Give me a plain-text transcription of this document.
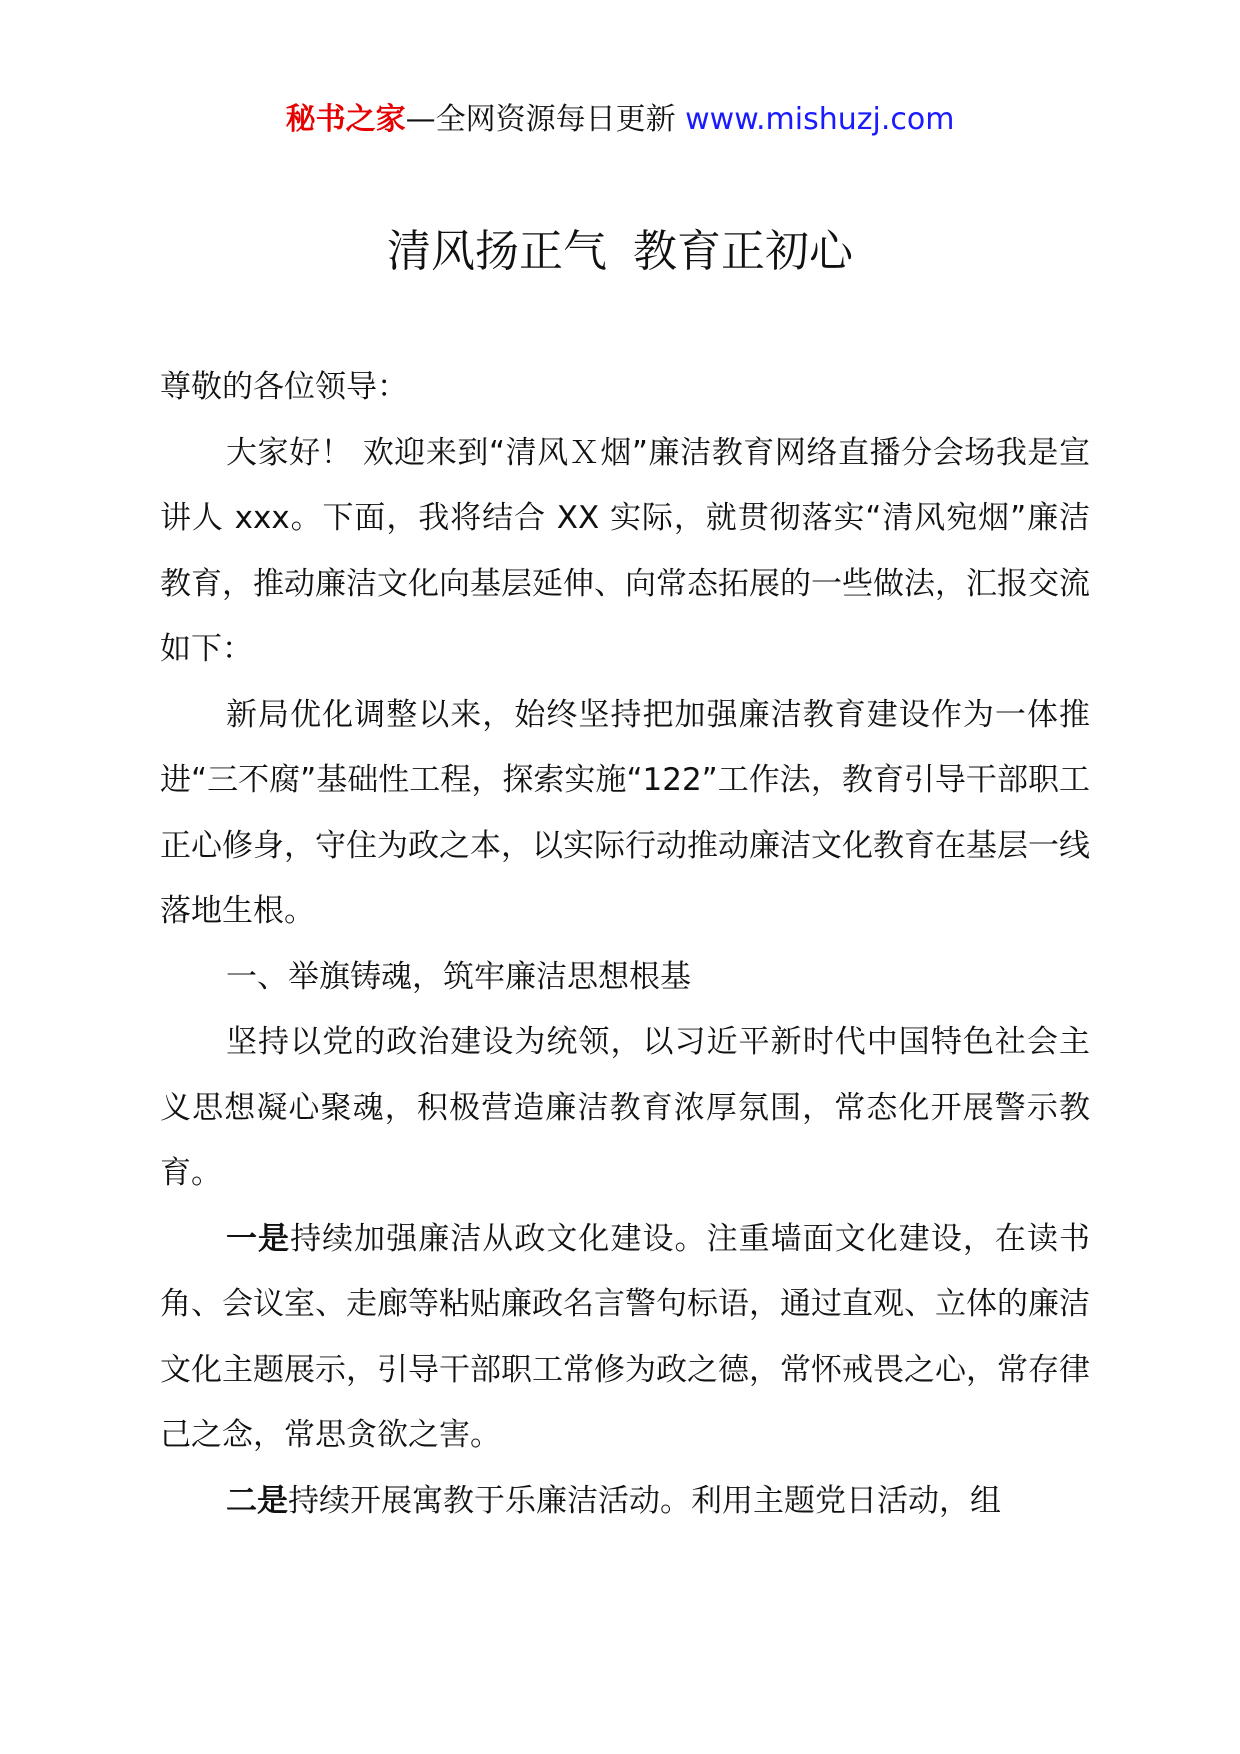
秘书之家—全网资源每日更新 www.mishuzj.com
清风扬正气 教育正初心

尊敬的各位领导：

大家好！ 欢迎来到“清风Ｘ烟”廉洁教育网络直播分会场我是宣讲人 xxx。下面，我将结合 XX 实际，就贯彻落实“清风宛烟”廉洁教育，推动廉洁文化向基层延伸、向常态拓展的一些做法，汇报交流如下：

新局优化调整以来，始终坚持把加强廉洁教育建设作为一体推进“三不腐”基础性工程，探索实施“122”工作法，教育引导干部职工正心修身，守住为政之本，以实际行动推动廉洁文化教育在基层一线落地生根。

一、举旗铸魂，筑牢廉洁思想根基

坚持以党的政治建设为统领，以习近平新时代中国特色社会主义思想凝心聚魂，积极营造廉洁教育浓厚氛围，常态化开展警示教育。

一是持续加强廉洁从政文化建设。注重墙面文化建设，在读书角、会议室、走廊等粘贴廉政名言警句标语，通过直观、立体的廉洁文化主题展示，引导干部职工常修为政之德，常怀戒畏之心，常存律己之念，常思贪欲之害。

二是持续开展寓教于乐廉洁活动。利用主题党日活动，组
